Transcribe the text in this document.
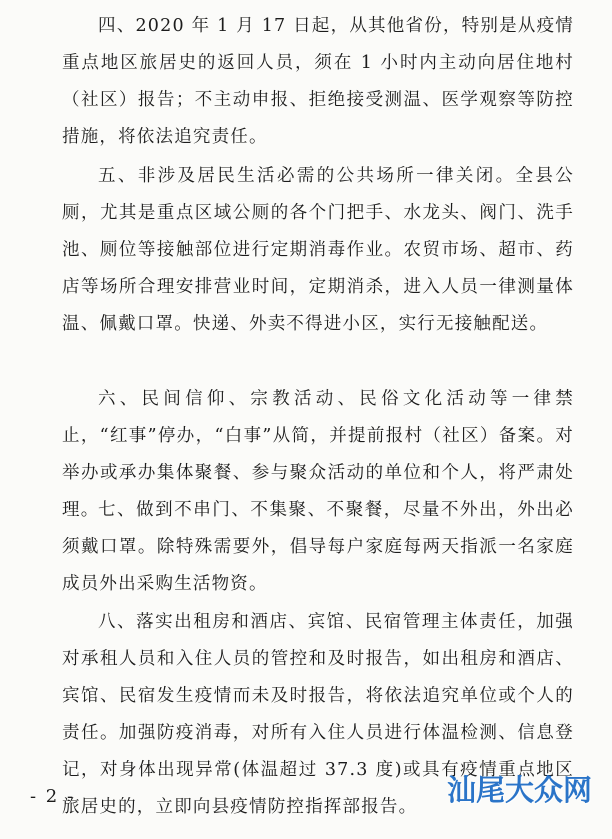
四、2020 年 1 月 17 日起，从其他省份，特别是从疫情重点地区旅居史的返回人员，须在 1 小时内主动向居住地村（社区）报告；不主动申报、拒绝接受测温、医学观察等防控措施，将依法追究责任。

五、非涉及居民生活必需的公共场所一律关闭。全县公厕，尤其是重点区域公厕的各个门把手、水龙头、阀门、洗手池、厕位等接触部位进行定期消毒作业。农贸市场、超市、药店等场所合理安排营业时间，定期消杀，进入人员一律测量体温、佩戴口罩。快递、外卖不得进小区，实行无接触配送。

六、民间信仰、宗教活动、民俗文化活动等一律禁止，“红事”停办，“白事”从简，并提前报村（社区）备案。对举办或承办集体聚餐、参与聚众活动的单位和个人，将严肃处理。

七、做到不串门、不集聚、不聚餐，尽量不外出，外出必须戴口罩。除特殊需要外，倡导每户家庭每两天指派一名家庭成员外出采购生活物资。

八、落实出租房和酒店、宾馆、民宿管理主体责任，加强对承租人员和入住人员的管控和及时报告，如出租房和酒店、宾馆、民宿发生疫情而未及时报告，将依法追究单位或个人的责任。加强防疫消毒，对所有入住人员进行体温检测、信息登记，对身体出现异常(体温超过 37.3 度)或具有疫情重点地区旅居史的，立即向县疫情防控指挥部报告。

- 2 -	汕尾大众网
